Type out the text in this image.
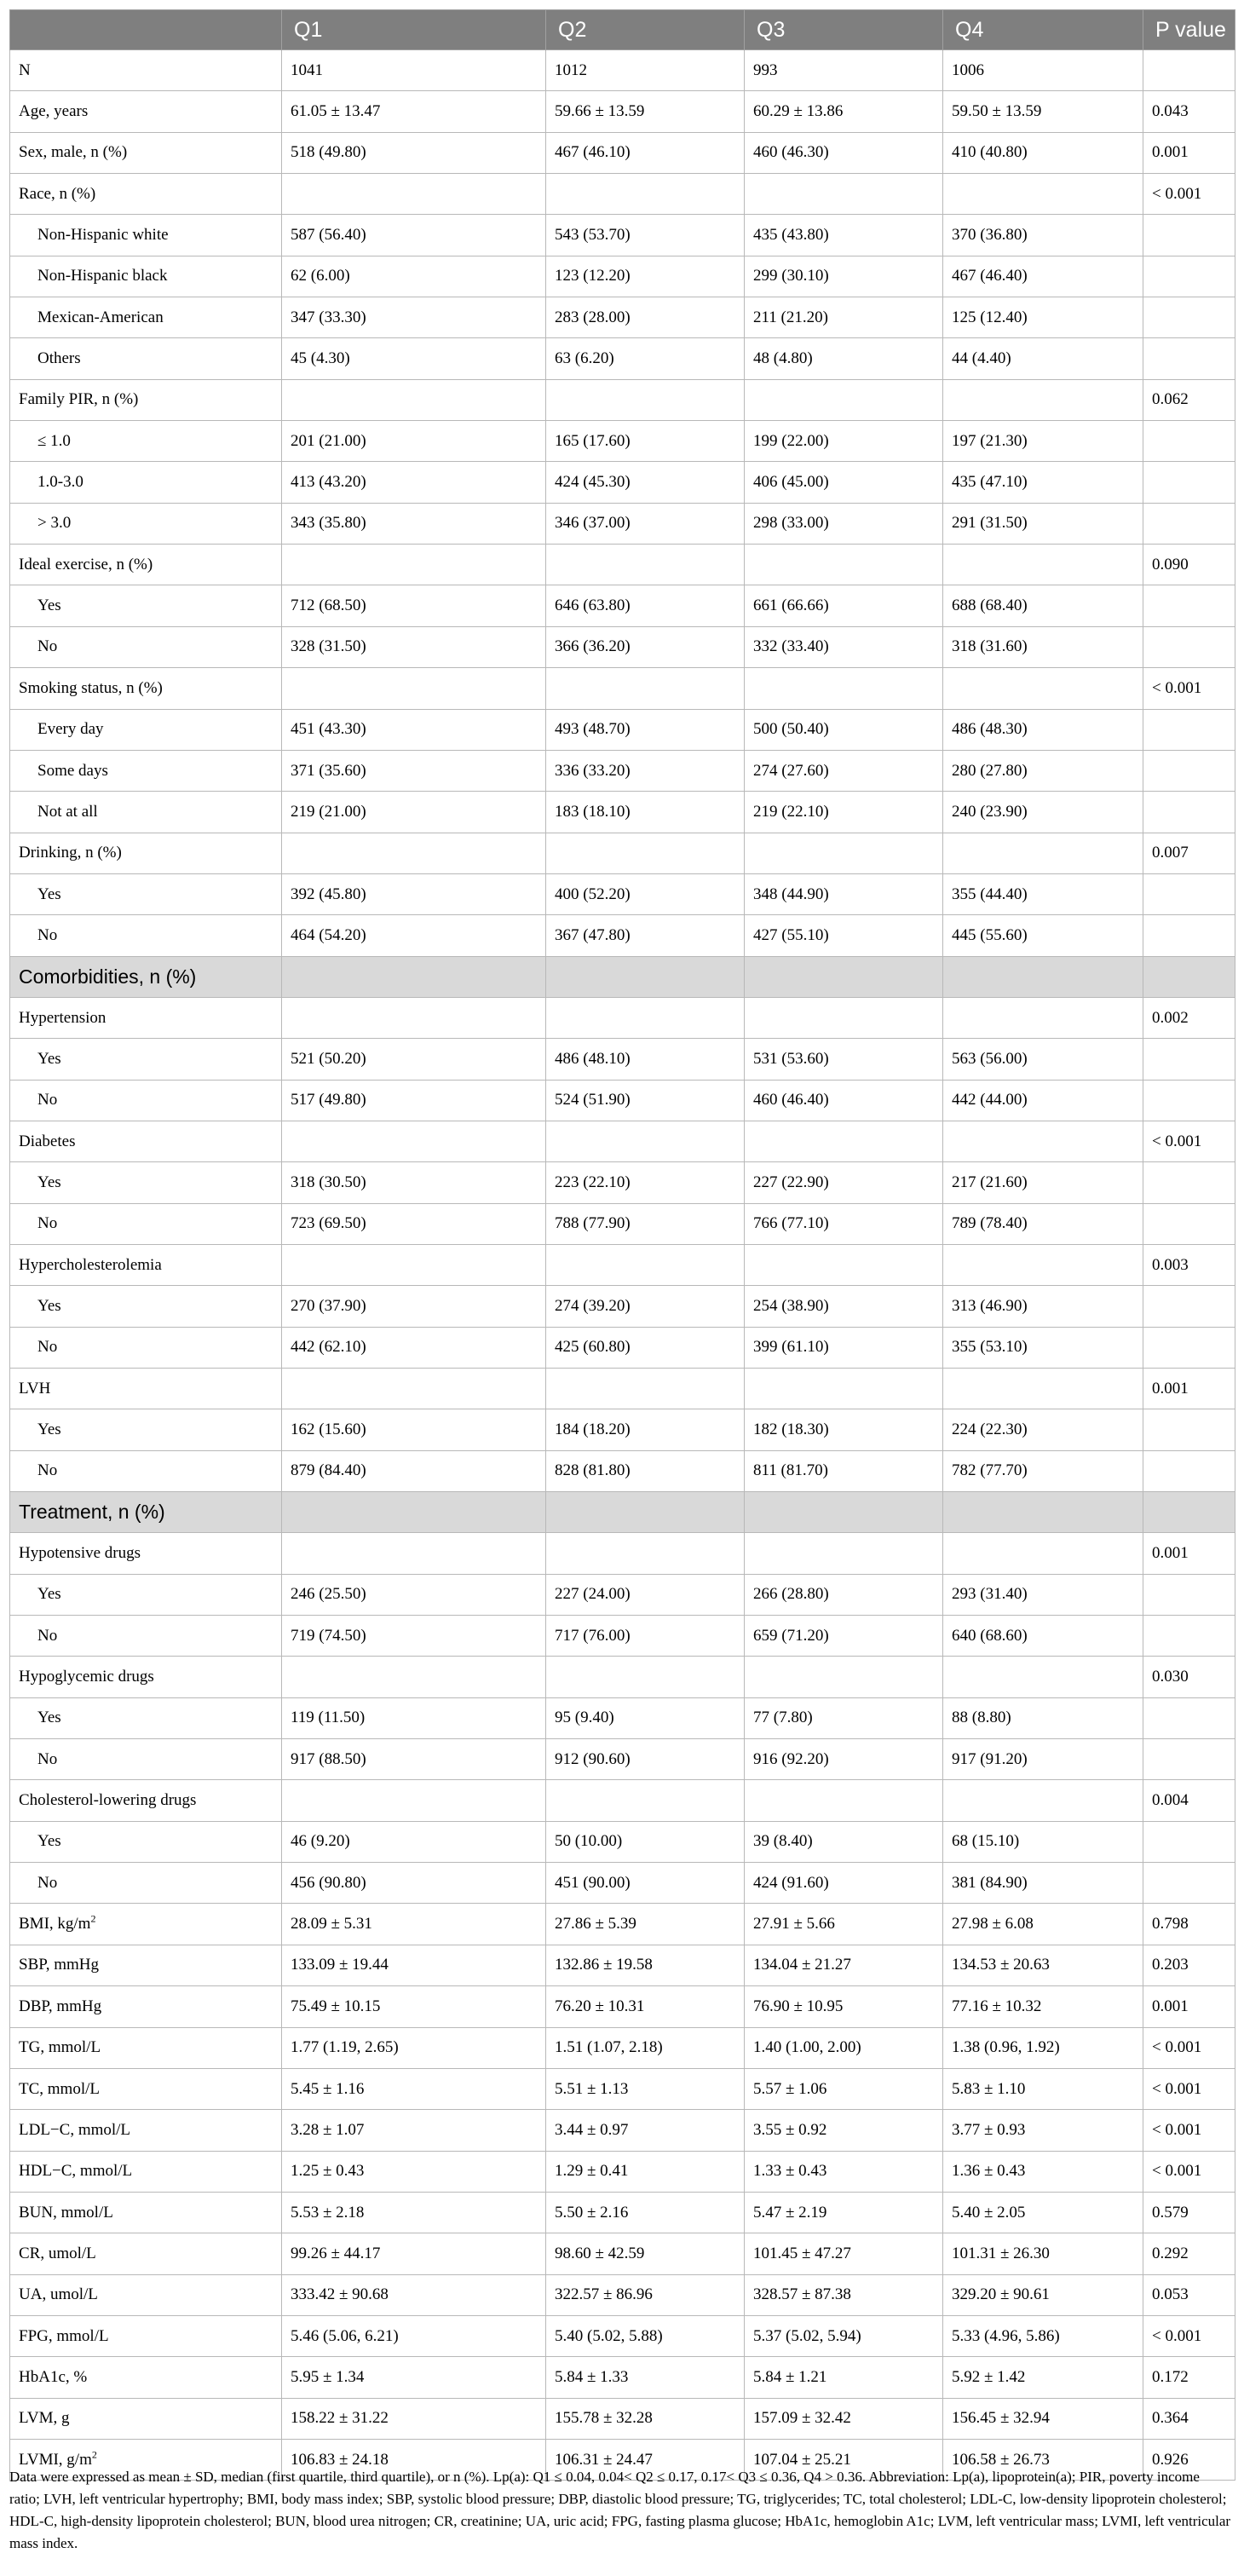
	Q1	Q2	Q3	Q4	P value
N	1041	1012	993	1006	
Age, years	61.05 ± 13.47	59.66 ± 13.59	60.29 ± 13.86	59.50 ± 13.59	0.043
Sex, male, n (%)	518 (49.80)	467 (46.10)	460 (46.30)	410 (40.80)	0.001
Race, n (%)					< 0.001
Non-Hispanic white	587 (56.40)	543 (53.70)	435 (43.80)	370 (36.80)	
Non-Hispanic black	62 (6.00)	123 (12.20)	299 (30.10)	467 (46.40)	
Mexican-American	347 (33.30)	283 (28.00)	211 (21.20)	125 (12.40)	
Others	45 (4.30)	63 (6.20)	48 (4.80)	44 (4.40)	
Family PIR, n (%)					0.062
≤ 1.0	201 (21.00)	165 (17.60)	199 (22.00)	197 (21.30)	
1.0-3.0	413 (43.20)	424 (45.30)	406 (45.00)	435 (47.10)	
> 3.0	343 (35.80)	346 (37.00)	298 (33.00)	291 (31.50)	
Ideal exercise, n (%)					0.090
Yes	712 (68.50)	646 (63.80)	661 (66.66)	688 (68.40)	
No	328 (31.50)	366 (36.20)	332 (33.40)	318 (31.60)	
Smoking status, n (%)					< 0.001
Every day	451 (43.30)	493 (48.70)	500 (50.40)	486 (48.30)	
Some days	371 (35.60)	336 (33.20)	274 (27.60)	280 (27.80)	
Not at all	219 (21.00)	183 (18.10)	219 (22.10)	240 (23.90)	
Drinking, n (%)					0.007
Yes	392 (45.80)	400 (52.20)	348 (44.90)	355 (44.40)	
No	464 (54.20)	367 (47.80)	427 (55.10)	445 (55.60)	
Comorbidities, n (%)					
Hypertension					0.002
Yes	521 (50.20)	486 (48.10)	531 (53.60)	563 (56.00)	
No	517 (49.80)	524 (51.90)	460 (46.40)	442 (44.00)	
Diabetes					< 0.001
Yes	318 (30.50)	223 (22.10)	227 (22.90)	217 (21.60)	
No	723 (69.50)	788 (77.90)	766 (77.10)	789 (78.40)	
Hypercholesterolemia					0.003
Yes	270 (37.90)	274 (39.20)	254 (38.90)	313 (46.90)	
No	442 (62.10)	425 (60.80)	399 (61.10)	355 (53.10)	
LVH					0.001
Yes	162 (15.60)	184 (18.20)	182 (18.30)	224 (22.30)	
No	879 (84.40)	828 (81.80)	811 (81.70)	782 (77.70)	
Treatment, n (%)					
Hypotensive drugs					0.001
Yes	246 (25.50)	227 (24.00)	266 (28.80)	293 (31.40)	
No	719 (74.50)	717 (76.00)	659 (71.20)	640 (68.60)	
Hypoglycemic drugs					0.030
Yes	119 (11.50)	95 (9.40)	77 (7.80)	88 (8.80)	
No	917 (88.50)	912 (90.60)	916 (92.20)	917 (91.20)	
Cholesterol-lowering drugs					0.004
Yes	46 (9.20)	50 (10.00)	39 (8.40)	68 (15.10)	
No	456 (90.80)	451 (90.00)	424 (91.60)	381 (84.90)	
BMI, $kg/m^2$	28.09 ± 5.31	27.86 ± 5.39	27.91 ± 5.66	27.98 ± 6.08	0.798
SBP, mmHg	133.09 ± 19.44	132.86 ± 19.58	134.04 ± 21.27	134.53 ± 20.63	0.203
DBP, mmHg	75.49 ± 10.15	76.20 ± 10.31	76.90 ± 10.95	77.16 ± 10.32	0.001
TG, mmol/L	1.77 (1.19, 2.65)	1.51 (1.07, 2.18)	1.40 (1.00, 2.00)	1.38 (0.96, 1.92)	< 0.001
TC, mmol/L	5.45 ± 1.16	5.51 ± 1.13	5.57 ± 1.06	5.83 ± 1.10	< 0.001
LDL−C, mmol/L	3.28 ± 1.07	3.44 ± 0.97	3.55 ± 0.92	3.77 ± 0.93	< 0.001
HDL−C, mmol/L	1.25 ± 0.43	1.29 ± 0.41	1.33 ± 0.43	1.36 ± 0.43	< 0.001
BUN, mmol/L	5.53 ± 2.18	5.50 ± 2.16	5.47 ± 2.19	5.40 ± 2.05	0.579
CR, umol/L	99.26 ± 44.17	98.60 ± 42.59	101.45 ± 47.27	101.31 ± 26.30	0.292
UA, umol/L	333.42 ± 90.68	322.57 ± 86.96	328.57 ± 87.38	329.20 ± 90.61	0.053
FPG, mmol/L	5.46 (5.06, 6.21)	5.40 (5.02, 5.88)	5.37 (5.02, 5.94)	5.33 (4.96, 5.86)	< 0.001
HbA1c, %	5.95 ± 1.34	5.84 ± 1.33	5.84 ± 1.21	5.92 ± 1.42	0.172
LVM, g	158.22 ± 31.22	155.78 ± 32.28	157.09 ± 32.42	156.45 ± 32.94	0.364
LVMI, $g/m^2$	106.83 ± 24.18	106.31 ± 24.47	107.04 ± 25.21	106.58 ± 26.73	0.926
Data were expressed as mean ± SD, median (first quartile, third quartile), or n (%). Lp(a): Q1 ≤ 0.04, 0.04< Q2 ≤ 0.17, 0.17< Q3 ≤ 0.36, Q4 > 0.36. Abbreviation: Lp(a), lipoprotein(a); PIR, poverty income ratio; LVH, left ventricular hypertrophy; BMI, body mass index; SBP, systolic blood pressure; DBP, diastolic blood pressure; TG, triglycerides; TC, total cholesterol; LDL-C, low-density lipoprotein cholesterol; HDL-C, high-density lipoprotein cholesterol; BUN, blood urea nitrogen; CR, creatinine; UA, uric acid; FPG, fasting plasma glucose; HbA1c, hemoglobin A1c; LVM, left ventricular mass; LVMI, left ventricular mass index.
